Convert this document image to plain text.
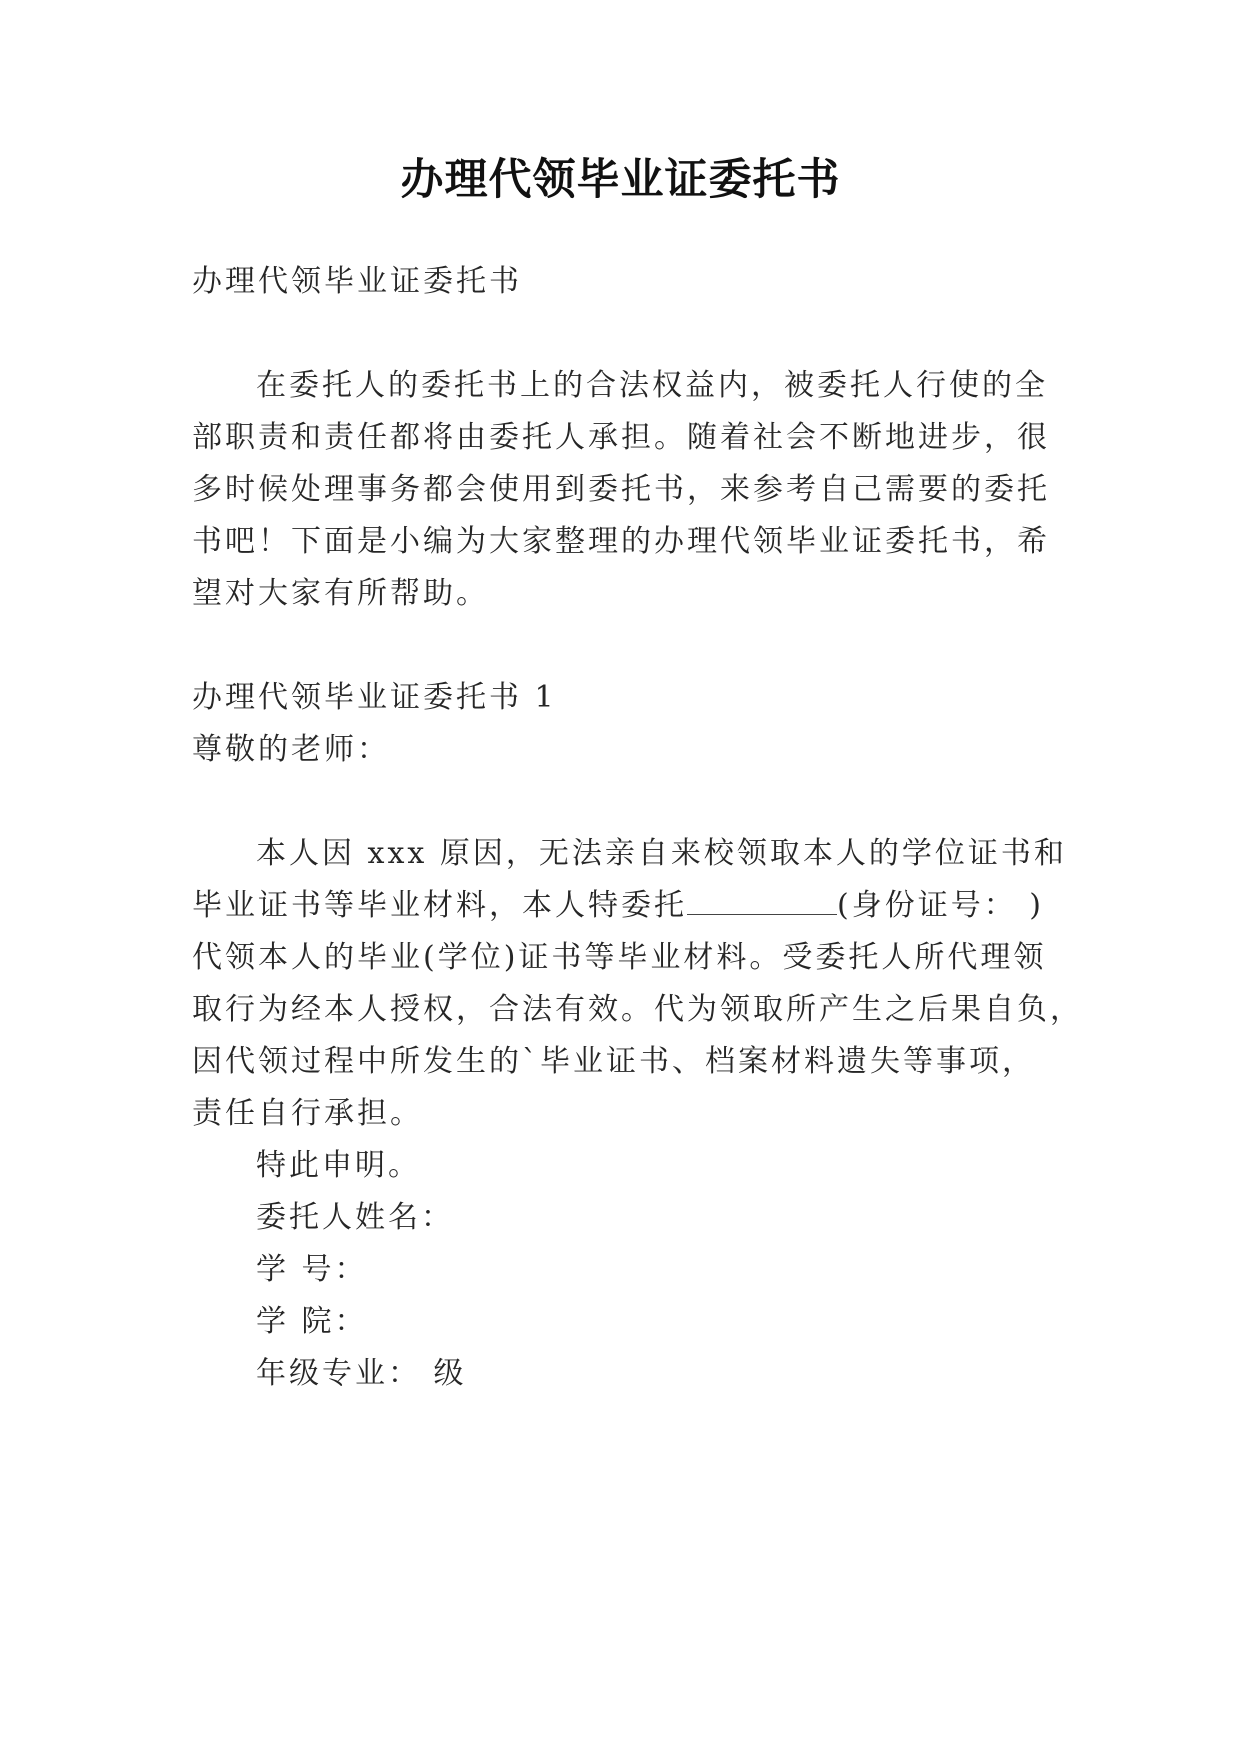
办理代领毕业证委托书
办理代领毕业证委托书
在委托人的委托书上的合法权益内，被委托人行使的全
部职责和责任都将由委托人承担。随着社会不断地进步，很
多时候处理事务都会使用到委托书，来参考自己需要的委托
书吧！下面是小编为大家整理的办理代领毕业证委托书，希
望对大家有所帮助。
办理代领毕业证委托书 1
尊敬的老师：
本人因 xxx 原因，无法亲自来校领取本人的学位证书和
毕业证书等毕业材料，本人特委托	(身份证号： )
代领本人的毕业(学位)证书等毕业材料。受委托人所代理领
取行为经本人授权，合法有效。代为领取所产生之后果自负，
因代领过程中所发生的`毕业证书、档案材料遗失等事项，
责任自行承担。
特此申明。
委托人姓名：
学 号：
学 院：
年级专业： 级
